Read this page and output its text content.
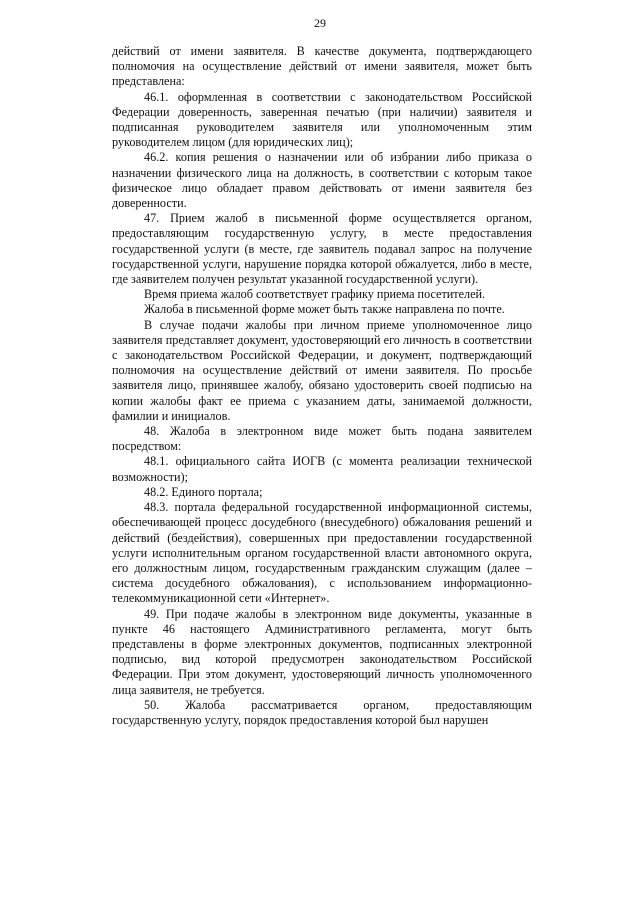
29

действий от имени заявителя. В качестве документа, подтверждающего полномочия на осуществление действий от имени заявителя, может быть представлена:

46.1. оформленная в соответствии с законодательством Российской Федерации доверенность, заверенная печатью (при наличии) заявителя и подписанная руководителем заявителя или уполномоченным этим руководителем лицом (для юридических лиц);

46.2. копия решения о назначении или об избрании либо приказа о назначении физического лица на должность, в соответствии с которым такое физическое лицо обладает правом действовать от имени заявителя без доверенности.

47. Прием жалоб в письменной форме осуществляется органом, предоставляющим государственную услугу, в месте предоставления государственной услуги (в месте, где заявитель подавал запрос на получение государственной услуги, нарушение порядка которой обжалуется, либо в месте, где заявителем получен результат указанной государственной услуги).

Время приема жалоб соответствует графику приема посетителей.

Жалоба в письменной форме может быть также направлена по почте.

В случае подачи жалобы при личном приеме уполномоченное лицо заявителя представляет документ, удостоверяющий его личность в соответствии с законодательством Российской Федерации, и документ, подтверждающий полномочия на осуществление действий от имени заявителя. По просьбе заявителя лицо, принявшее жалобу, обязано удостоверить своей подписью на копии жалобы факт ее приема с указанием даты, занимаемой должности, фамилии и инициалов.

48. Жалоба в электронном виде может быть подана заявителем посредством:

48.1. официального сайта ИОГВ (с момента реализации технической возможности);

48.2. Единого портала;

48.3. портала федеральной государственной информационной системы, обеспечивающей процесс досудебного (внесудебного) обжалования решений и действий (бездействия), совершенных при предоставлении государственной услуги исполнительным органом государственной власти автономного округа, его должностным лицом, государственным гражданским служащим (далее – система досудебного обжалования), с использованием информационно-телекоммуникационной сети «Интернет».

49. При подаче жалобы в электронном виде документы, указанные в пункте 46 настоящего Административного регламента, могут быть представлены в форме электронных документов, подписанных электронной подписью, вид которой предусмотрен законодательством Российской Федерации. При этом документ, удостоверяющий личность уполномоченного лица заявителя, не требуется.

50. Жалоба рассматривается органом, предоставляющим государственную услугу, порядок предоставления которой был нарушен
